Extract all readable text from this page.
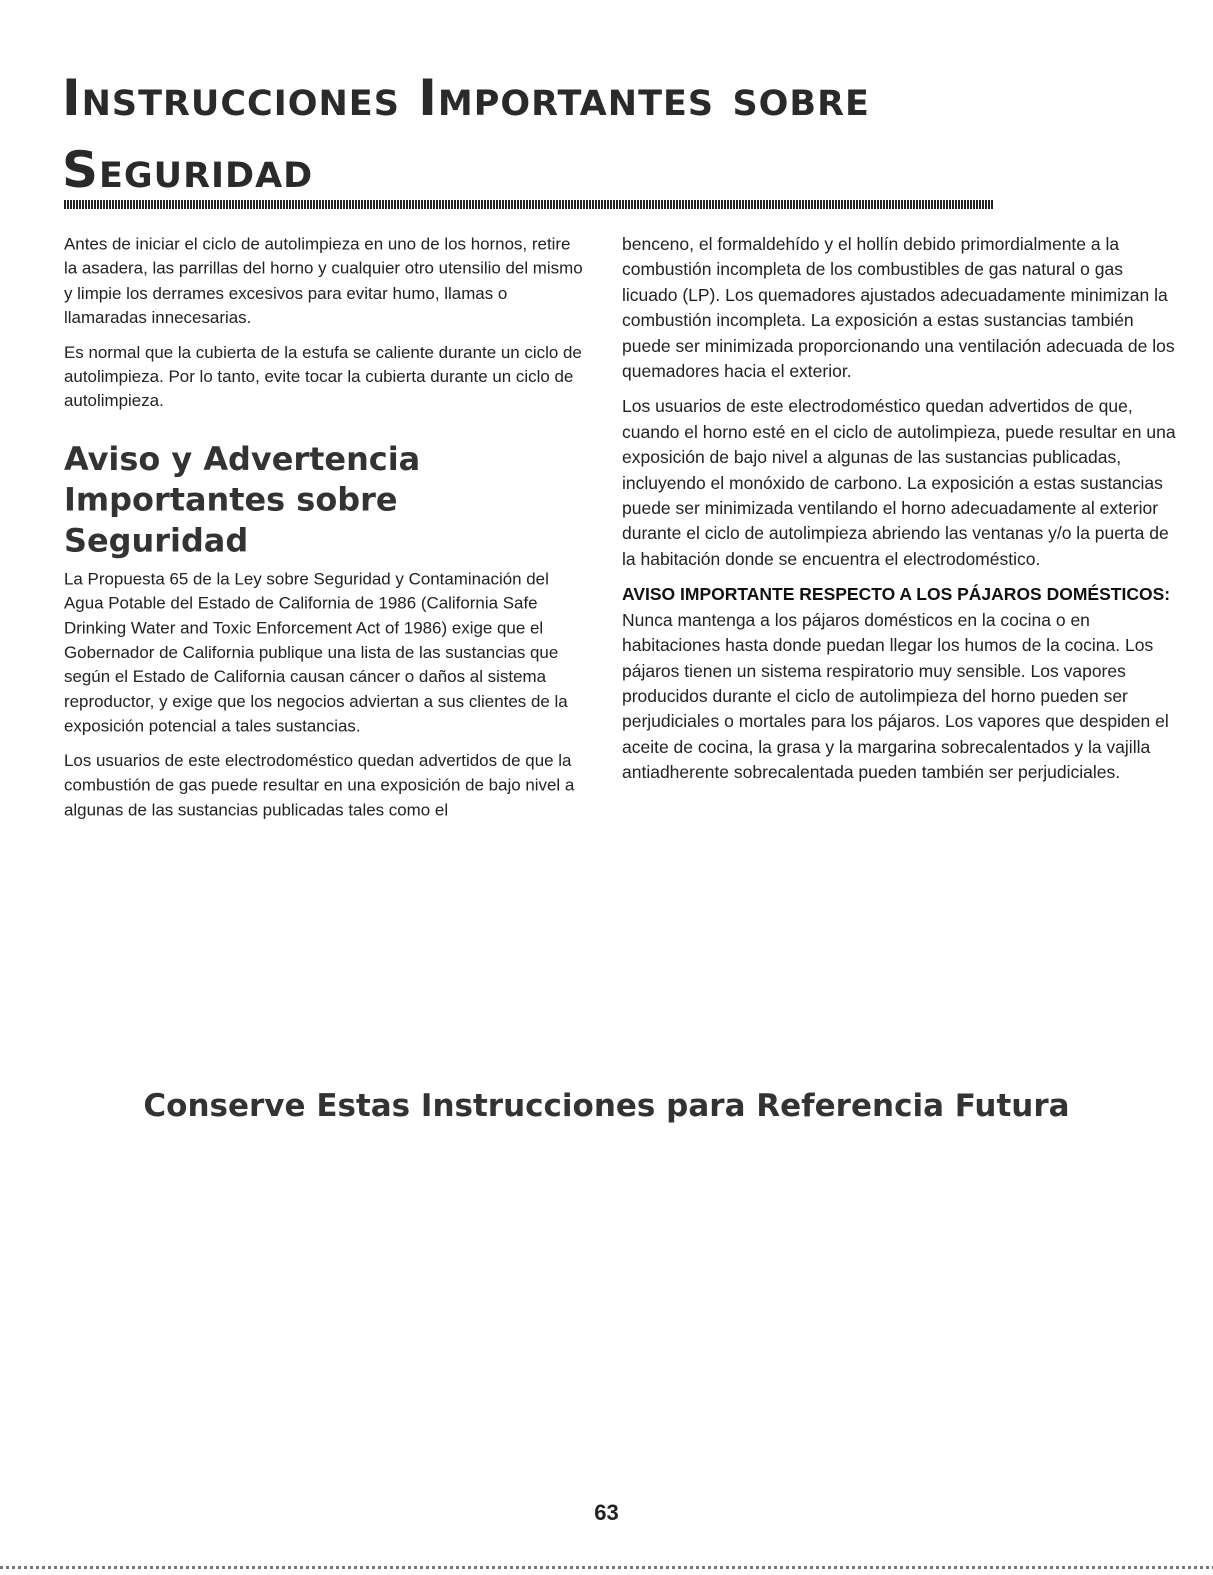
Instrucciones Importantes sobre
Seguridad

Antes de iniciar el ciclo de autolimpieza en uno de los hornos, retire la asadera, las parrillas del horno y cualquier otro utensilio del mismo y limpie los derrames excesivos para evitar humo, llamas o llamaradas innecesarias.

Es normal que la cubierta de la estufa se caliente durante un ciclo de autolimpieza. Por lo tanto, evite tocar la cubierta durante un ciclo de autolimpieza.

Aviso y Advertencia
Importantes sobre
Seguridad

La Propuesta 65 de la Ley sobre Seguridad y Contaminación del Agua Potable del Estado de California de 1986 (California Safe Drinking Water and Toxic Enforcement Act of 1986) exige que el Gobernador de California publique una lista de las sustancias que según el Estado de California causan cáncer o daños al sistema reproductor, y exige que los negocios adviertan a sus clientes de la exposición potencial a tales sustancias.

Los usuarios de este electrodoméstico quedan advertidos de que la combustión de gas puede resultar en una exposición de bajo nivel a algunas de las sustancias publicadas tales como el

benceno, el formaldehído y el hollín debido primordialmente a la combustión incompleta de los combustibles de gas natural o gas licuado (LP). Los quemadores ajustados adecuadamente minimizan la combustión incompleta. La exposición a estas sustancias también puede ser minimizada proporcionando una ventilación adecuada de los quemadores hacia el exterior.

Los usuarios de este electrodoméstico quedan advertidos de que, cuando el horno esté en el ciclo de autolimpieza, puede resultar en una exposición de bajo nivel a algunas de las sustancias publicadas, incluyendo el monóxido de carbono. La exposición a estas sustancias puede ser minimizada ventilando el horno adecuadamente al exterior durante el ciclo de autolimpieza abriendo las ventanas y/o la puerta de la habitación donde se encuentra el electrodoméstico.

AVISO IMPORTANTE RESPECTO A LOS PÁJAROS DOMÉSTICOS: Nunca mantenga a los pájaros domésticos en la cocina o en habitaciones hasta donde puedan llegar los humos de la cocina. Los pájaros tienen un sistema respiratorio muy sensible. Los vapores producidos durante el ciclo de autolimpieza del horno pueden ser perjudiciales o mortales para los pájaros. Los vapores que despiden el aceite de cocina, la grasa y la margarina sobrecalentados y la vajilla antiadherente sobrecalentada pueden también ser perjudiciales.

Conserve Estas Instrucciones para Referencia Futura
63
